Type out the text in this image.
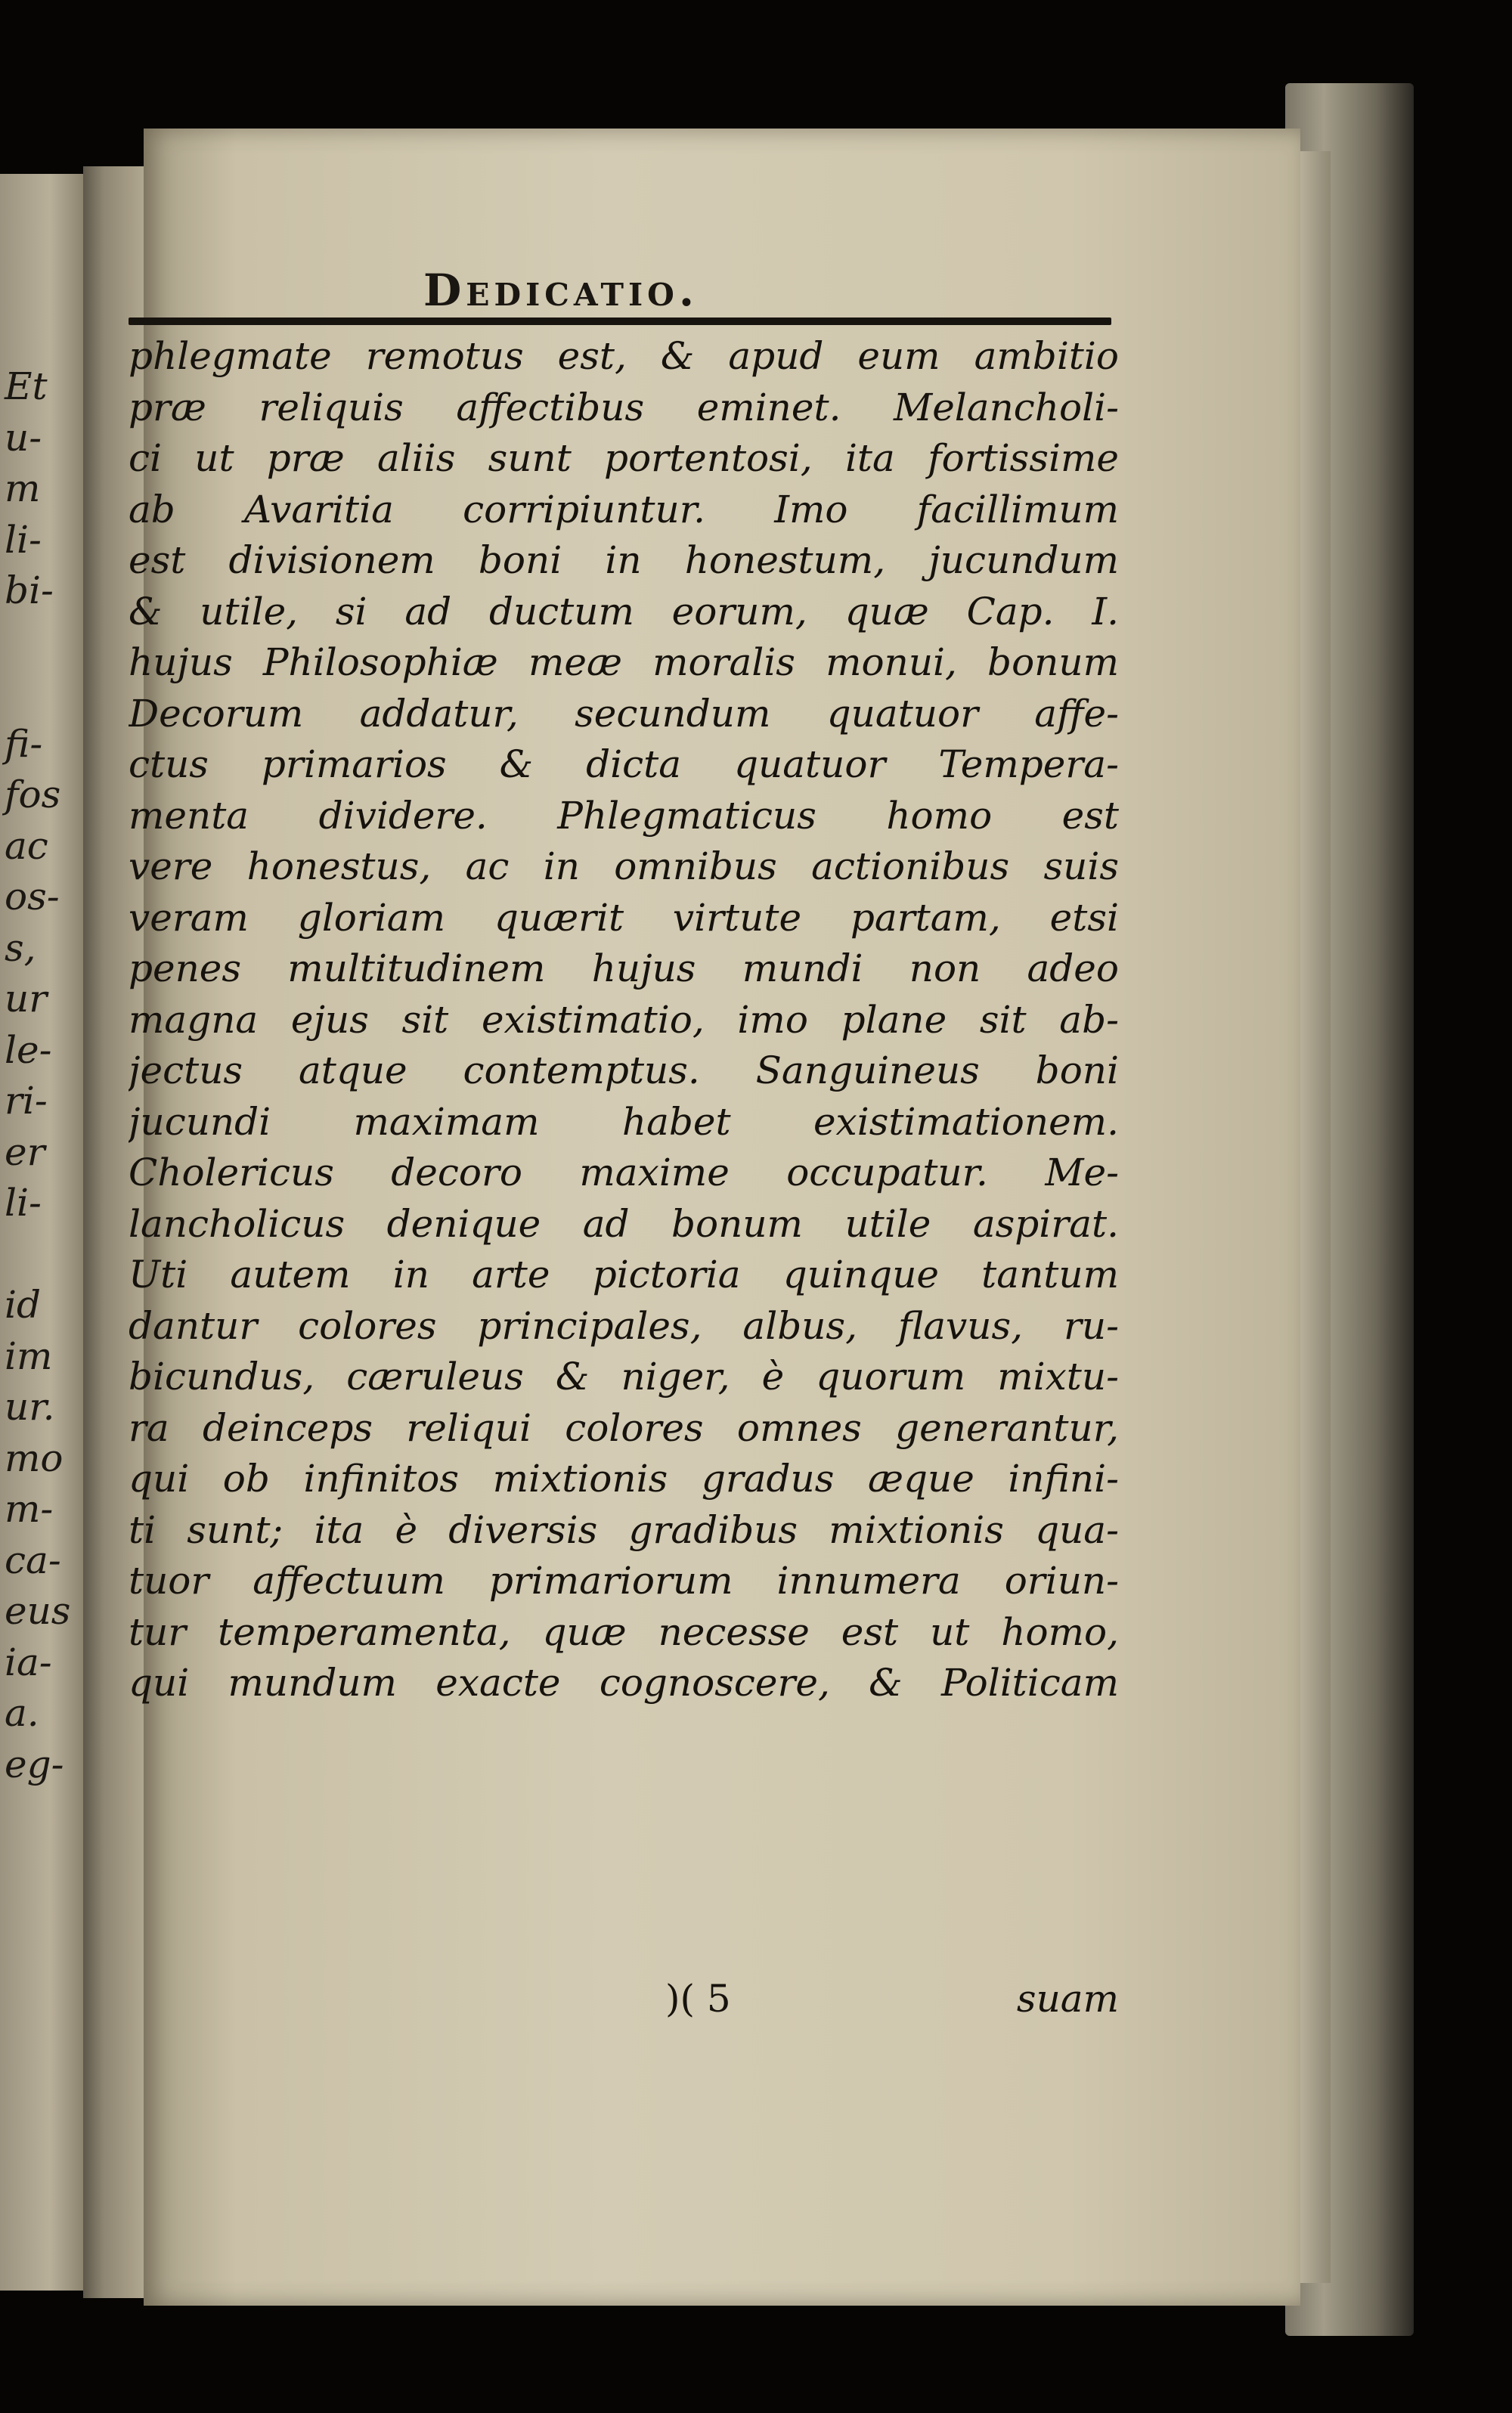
Et
u-
m
li-
bi-
fi-
fos
ac
os-
s,
ur
le-
ri-
er
li-
id
im
ur.
mo
m-
ca-
eus
ia-
a.
eg-
Dedicatio.
phlegmate remotus est, & apud eum ambitio
præ reliquis affectibus eminet. Melancholi-
ci ut præ aliis sunt portentosi, ita fortissime
ab Avaritia corripiuntur. Imo facillimum
est divisionem boni in honestum, jucundum
& utile, si ad ductum eorum, quæ Cap. I.
hujus Philosophiæ meæ moralis monui, bonum
Decorum addatur, secundum quatuor affe-
ctus primarios & dicta quatuor Tempera-
menta dividere. Phlegmaticus homo est
vere honestus, ac in omnibus actionibus suis
veram gloriam quærit virtute partam, etsi
penes multitudinem hujus mundi non adeo
magna ejus sit existimatio, imo plane sit ab-
jectus atque contemptus. Sanguineus boni
jucundi maximam habet existimationem.
Cholericus decoro maxime occupatur. Me-
lancholicus denique ad bonum utile aspirat.
Uti autem in arte pictoria quinque tantum
dantur colores principales, albus, flavus, ru-
bicundus, cæruleus & niger, è quorum mixtu-
ra deinceps reliqui colores omnes generantur,
qui ob infinitos mixtionis gradus æque infini-
ti sunt; ita è diversis gradibus mixtionis qua-
tuor affectuum primariorum innumera oriun-
tur temperamenta, quæ necesse est ut homo,
qui mundum exacte cognoscere, & Politicam
)( 5	suam
